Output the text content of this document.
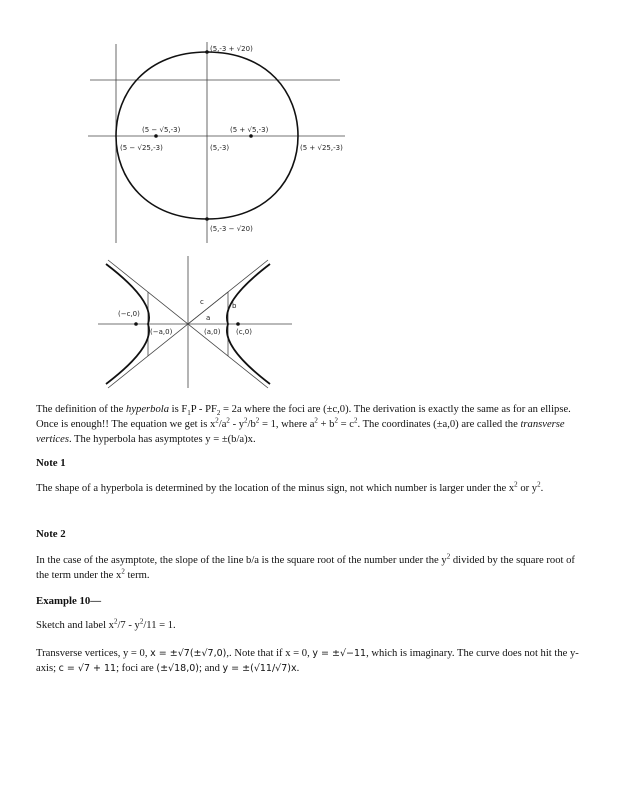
(5,-3 + √20)
(5,-3 − √20)
(5 + √25,-3)
(5 − √25,-3)
(5 − √5,-3)	(5 + √5,-3)
(5,-3)
(−c,0)
(−a,0)	(a,0) (c,0)
c
a
b

The definition of the hyperbola is $F_1P - PF_2 = 2a$ where the foci are (±c,0). The derivation is exactly the same as for an ellipse. Once is enough!! The equation we get is $x^2/a^2 - y^2/b^2 = 1$, where $a^2 + b^2 = c^2$. The coordinates (±a,0) are called the transverse vertices. The hyperbola has asymptotes y = ±(b/a)x.

Note 1

The shape of a hyperbola is determined by the location of the minus sign, not which number is larger under the $x^2$ or $y^2$.

Note 2

In the case of the asymptote, the slope of the line b/a is the square root of the number under the $y^2$ divided by the square root of the term under the $x^2$ term.

Example 10—

Sketch and label $x^2/7 - y^2/11 = 1$.

Transverse vertices, y = 0, x = ±√7(±√7,0),. Note that if x = 0, y = ±√−11, which is imaginary. The curve does not hit the y-axis; c = √7 + 11; foci are (±√18,0); and y = ±(√11/√7)x.
